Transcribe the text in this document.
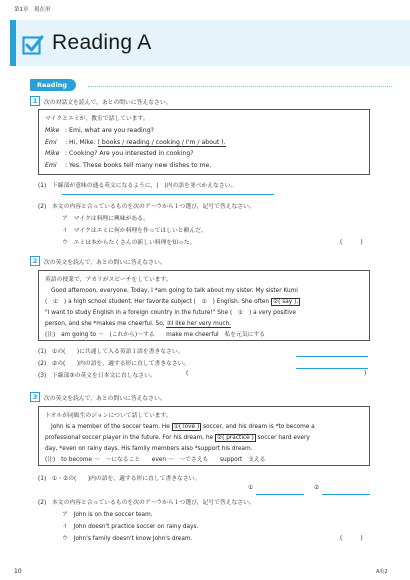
第1章　現在形
Reading A
Reading
1	次の対話文を読んで，あとの問いに答えなさい。
マイクとエミが，教室で話しています。
Mike : Emi, what are you reading?
Emi : Hi, Mike. ( books / reading / cooking / I'm / about ).
Mike : Cooking? Are you interested in cooking?
Emi : Yes. These books tell many new dishes to me.
(1)　下線部が意味の通る英文になるように，(　)内の語を並べかえなさい。
(2)　本文の内容と合っているものを次のア〜ウから１つ選び，記号で答えなさい。
ア　 マイクは料理に興味がある。
イ　 マイクはエミに何か料理を作ってほしいと頼んだ。
ウ　 エミは本からたくさんの新しい料理を知った。	(　　　)
2	次の英文を読んで，あとの問いに答えなさい。
英語の授業で，アカリがスピーチをしています。
Good afternoon, everyone. Today, I *am going to talk about my sister. My sister Kumi
(　①　) a high school student. Her favorite subject (　①　) English. She often ②( say ),
"I want to study English in a foreign country in the future!" She (　①　) a very positive
person, and she *makes me cheerful. So, ③I like her very much.
(注)　am going to ～　(これから)～する　　make me cheerful　私を元気にする
(1)　①の(　　)に共通して入る英語１語を書きなさい。
(2)　②の(　　)内の語を，適する形に直して書きなさい。
(3)　下線部③の英文を日本文に直しなさい。	(	)
3	次の英文を読んで，あとの問いに答えなさい。
トオルが同級生のジョンについて話しています。
John is a member of the soccer team. He ①( love ) soccer, and his dream is *to become a
professional soccer player in the future. For his dream, he ②( practice ) soccer hard every
day, *even on rainy days. His family members also *support his dream.
(注)　to become ～　～になること　　even ～　～でさえも　　support　支える
(1)　①・②の(　　)内の語を，適する形に直して書きなさい。
①	②
(2)　本文の内容と合っているものを次のア〜ウから１つ選び，記号で答えなさい。
ア　 John is on the soccer team.
イ　 John doesn't practice soccer on rainy days.
ウ　 John's family doesn't know John's dream.	(　　　)
10	A英2
